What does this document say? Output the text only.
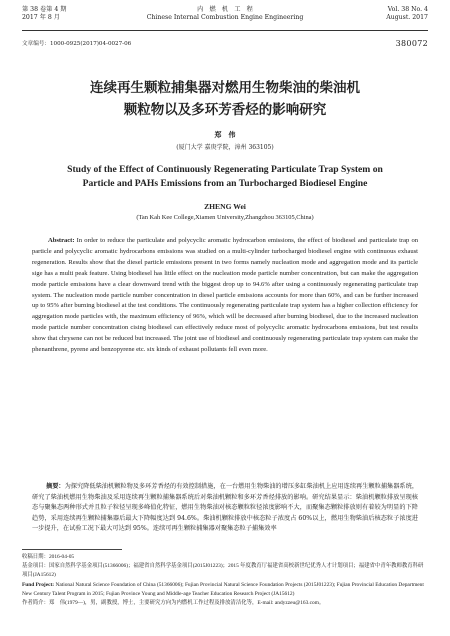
第 38 卷第 4 期
2017 年 8 月
内　燃　机　工　程
Chinese Internal Combustion Engine Engineering
Vol. 38 No. 4
August. 2017
文章编号：1000-0925(2017)04-0027-06	380072
连续再生颗粒捕集器对燃用生物柴油的柴油机
颗粒物以及多环芳香烃的影响研究
郑　伟
(厦门大学 嘉庚学院，漳州 363105)
Study of the Effect of Continuously Regenerating Particulate Trap System on
Particle and PAHs Emissions from an Turbocharged Biodiesel Engine
ZHENG Wei
(Tan Kah Kee College,Xiamen University,Zhangzhou 363105,China)
Abstract: In order to reduce the particulate and polycyclic aromatic hydrocarbon emissions, the effect of biodiesel and particulate trap on particle and polycyclic aromatic hydrocarbons emissions was studied on a multi-cylinder turbocharged biodiesel engine with continuous exhaust regeneration. Results show that the diesel particle emissions present in two forms namely nucleation mode and aggregation mode and its particle sige has a multi peak feature. Using biodiesel has little effect on the nucleation mode particle number concentration, but can make the aggregation mode particle emissions have a clear downward trend with the biggest drop up to 94.6% after using a continuously regenerating particulate trap system. The nucleation mode particle number concentration in diesel particle emissions accounts for more than 60%, and can be further increased up to 95% after burning biodiesel at the test conditions. The continuously regenerating particulate trap system has a higher collection efficiency for aggregation mode particles with, the maximum efficiency of 96%, which will be decreased after burning biodiesel, due to the increased nucleation mode particle number concentration cising biodiesel can effectively reduce most of polycyclic aromatic hydrocarbons emissions, but test results show that chrysene can not be reduced but increased. The joint use of biodiesel and continuously regenerating particulate trap system can make the phenanthrene, pyrene and benzopyrene etc. six kinds of exhaust pollutants fell even more.
摘要：为探究降低柴油机颗粒物及多环芳香烃的有效控制措施，在一台燃用生物柴油的增压多缸柴油机上应用连续再生颗粒捕集器系统，研究了柴油机燃用生物柴油及采用连续再生颗粒捕集器系统后对柴油机颗粒和多环芳香烃排放的影响。研究结果显示：柴油机颗粒排放呈现核态与聚集态两种形式并且粒子粒径呈现多峰值化特征，燃用生物柴油对核态颗粒粒径浓度影响不大，而聚集态颗粒排放则有着较为明显的下降趋势，采用连续再生颗粒捕集器后最大下降幅度达到 94.6%。柴油机颗粒排放中核态粒子浓度占 60%以上，燃用生物柴油后核态粒子浓度进一步提升，在试验工况下最大可达到 95%。连续可再生颗粒捕集器对聚集态粒子捕集效率

收稿日期：2016-04-05

基金项目：国家自然科学基金项目(51366006)；福建省自然科学基金项目(2015J01223)；2015 年度教育厅福建省高校新世纪优秀人才计划项目；福建省中青年教师教育科研项目(JA15612)

Fund Project: National Natural Science Foundation of China (51366006); Fujian Provincial Natural Science Foundation Projects (2015J01223); Fujian Provincial Education Department New Century Talent Program in 2015; Fujian Province Young and Middle-age Teacher Education Research Project (JA15612)

作者简介：郑　伟(1979—)，男，副教授，博士，主要研究方向为内燃机工作过程及排放清洁化等，E-mail: andyzzeu@163.com。
